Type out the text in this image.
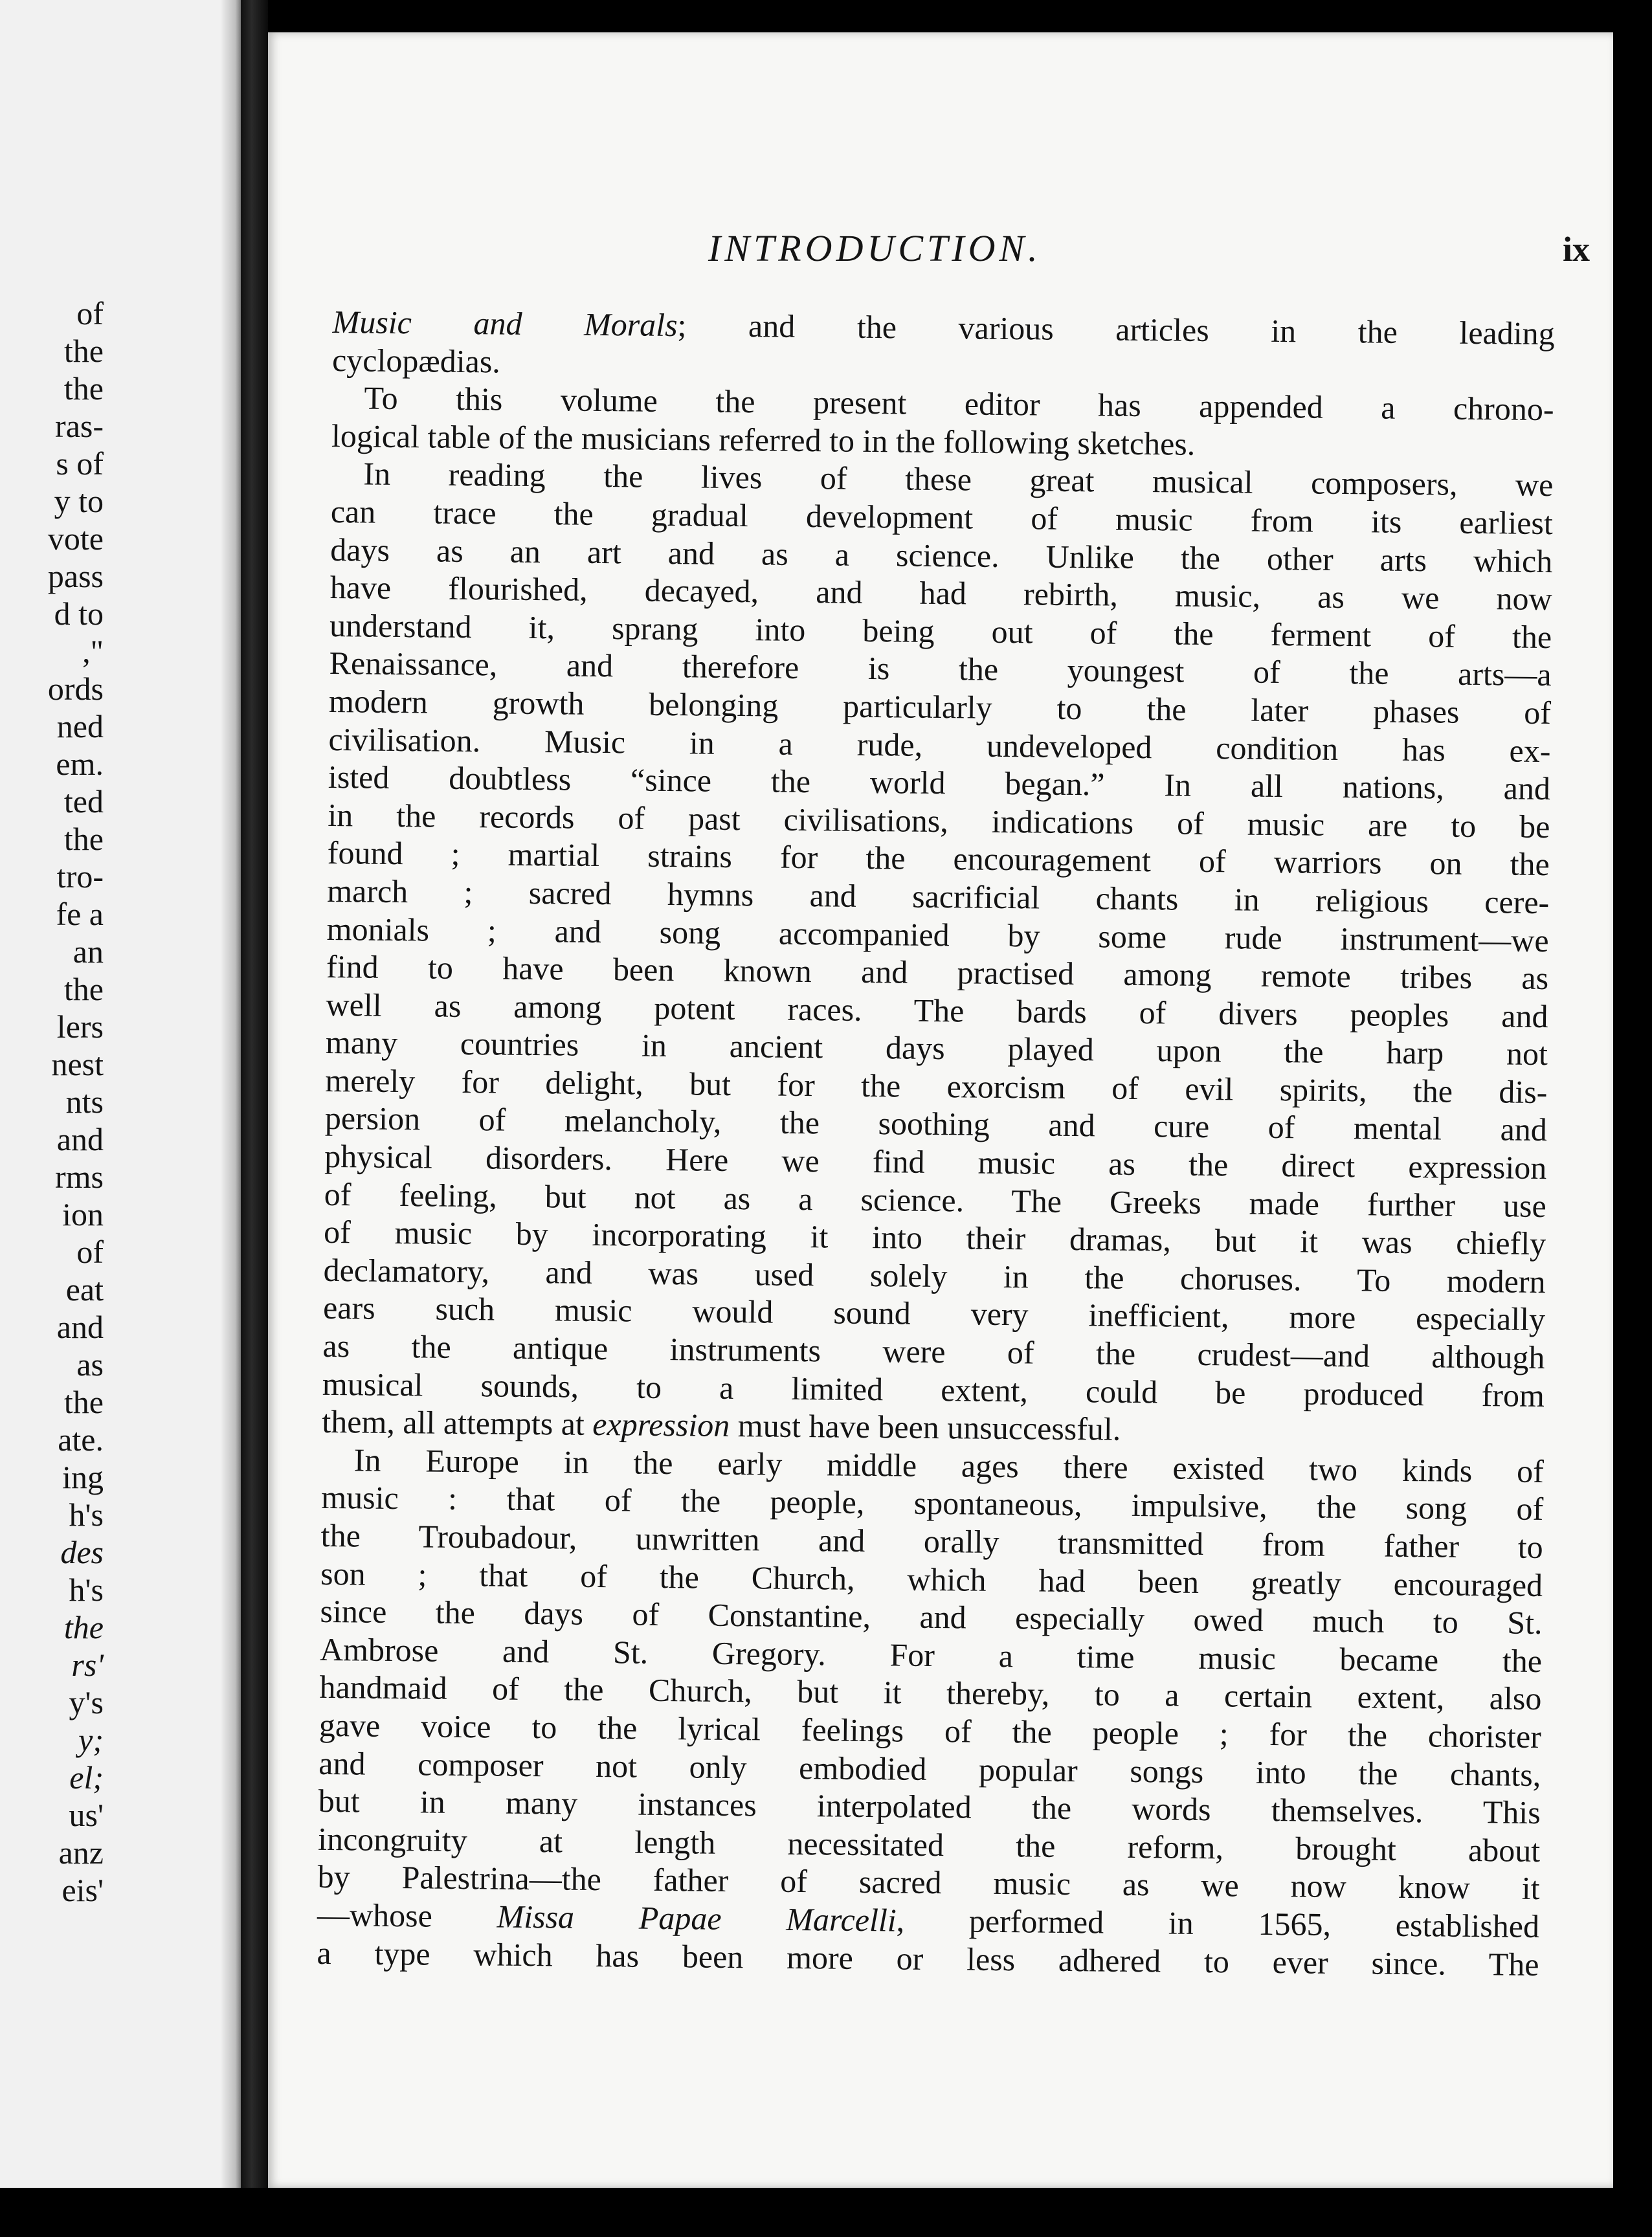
of
the
the
ras-
s of
y to
vote
pass
d to
,"
ords
ned
em.
ted
the
tro-
fe a
an
the
lers
nest
nts
and
rms
ion
of
eat
and
as
the
ate.
ing
h's
des
h's
the
rs'
y's
y;
el;
us'
anz
eis'
INTRODUCTION.	ix
Music and Morals; and the various articles in the leading
cyclopædias.
To this volume the present editor has appended a chrono-
logical table of the musicians referred to in the following sketches.
In reading the lives of these great musical composers, we
can trace the gradual development of music from its earliest
days as an art and as a science. Unlike the other arts which
have flourished, decayed, and had rebirth, music, as we now
understand it, sprang into being out of the ferment of the
Renaissance, and therefore is the youngest of the arts—a
modern growth belonging particularly to the later phases of
civilisation. Music in a rude, undeveloped condition has ex-
isted doubtless “since the world began.” In all nations, and
in the records of past civilisations, indications of music are to be
found ; martial strains for the encouragement of warriors on the
march ; sacred hymns and sacrificial chants in religious cere-
monials ; and song accompanied by some rude instrument—we
find to have been known and practised among remote tribes as
well as among potent races. The bards of divers peoples and
many countries in ancient days played upon the harp not
merely for delight, but for the exorcism of evil spirits, the dis-
persion of melancholy, the soothing and cure of mental and
physical disorders. Here we find music as the direct expression
of feeling, but not as a science. The Greeks made further use
of music by incorporating it into their dramas, but it was chiefly
declamatory, and was used solely in the choruses. To modern
ears such music would sound very inefficient, more especially
as the antique instruments were of the crudest—and although
musical sounds, to a limited extent, could be produced from
them, all attempts at expression must have been unsuccessful.
In Europe in the early middle ages there existed two kinds of
music : that of the people, spontaneous, impulsive, the song of
the Troubadour, unwritten and orally transmitted from father to
son ; that of the Church, which had been greatly encouraged
since the days of Constantine, and especially owed much to St.
Ambrose and St. Gregory. For a time music became the
handmaid of the Church, but it thereby, to a certain extent, also
gave voice to the lyrical feelings of the people ; for the chorister
and composer not only embodied popular songs into the chants,
but in many instances interpolated the words themselves. This
incongruity at length necessitated the reform, brought about
by Palestrina—the father of sacred music as we now know it
—whose Missa Papae Marcelli, performed in 1565, established
a type which has been more or less adhered to ever since. The
